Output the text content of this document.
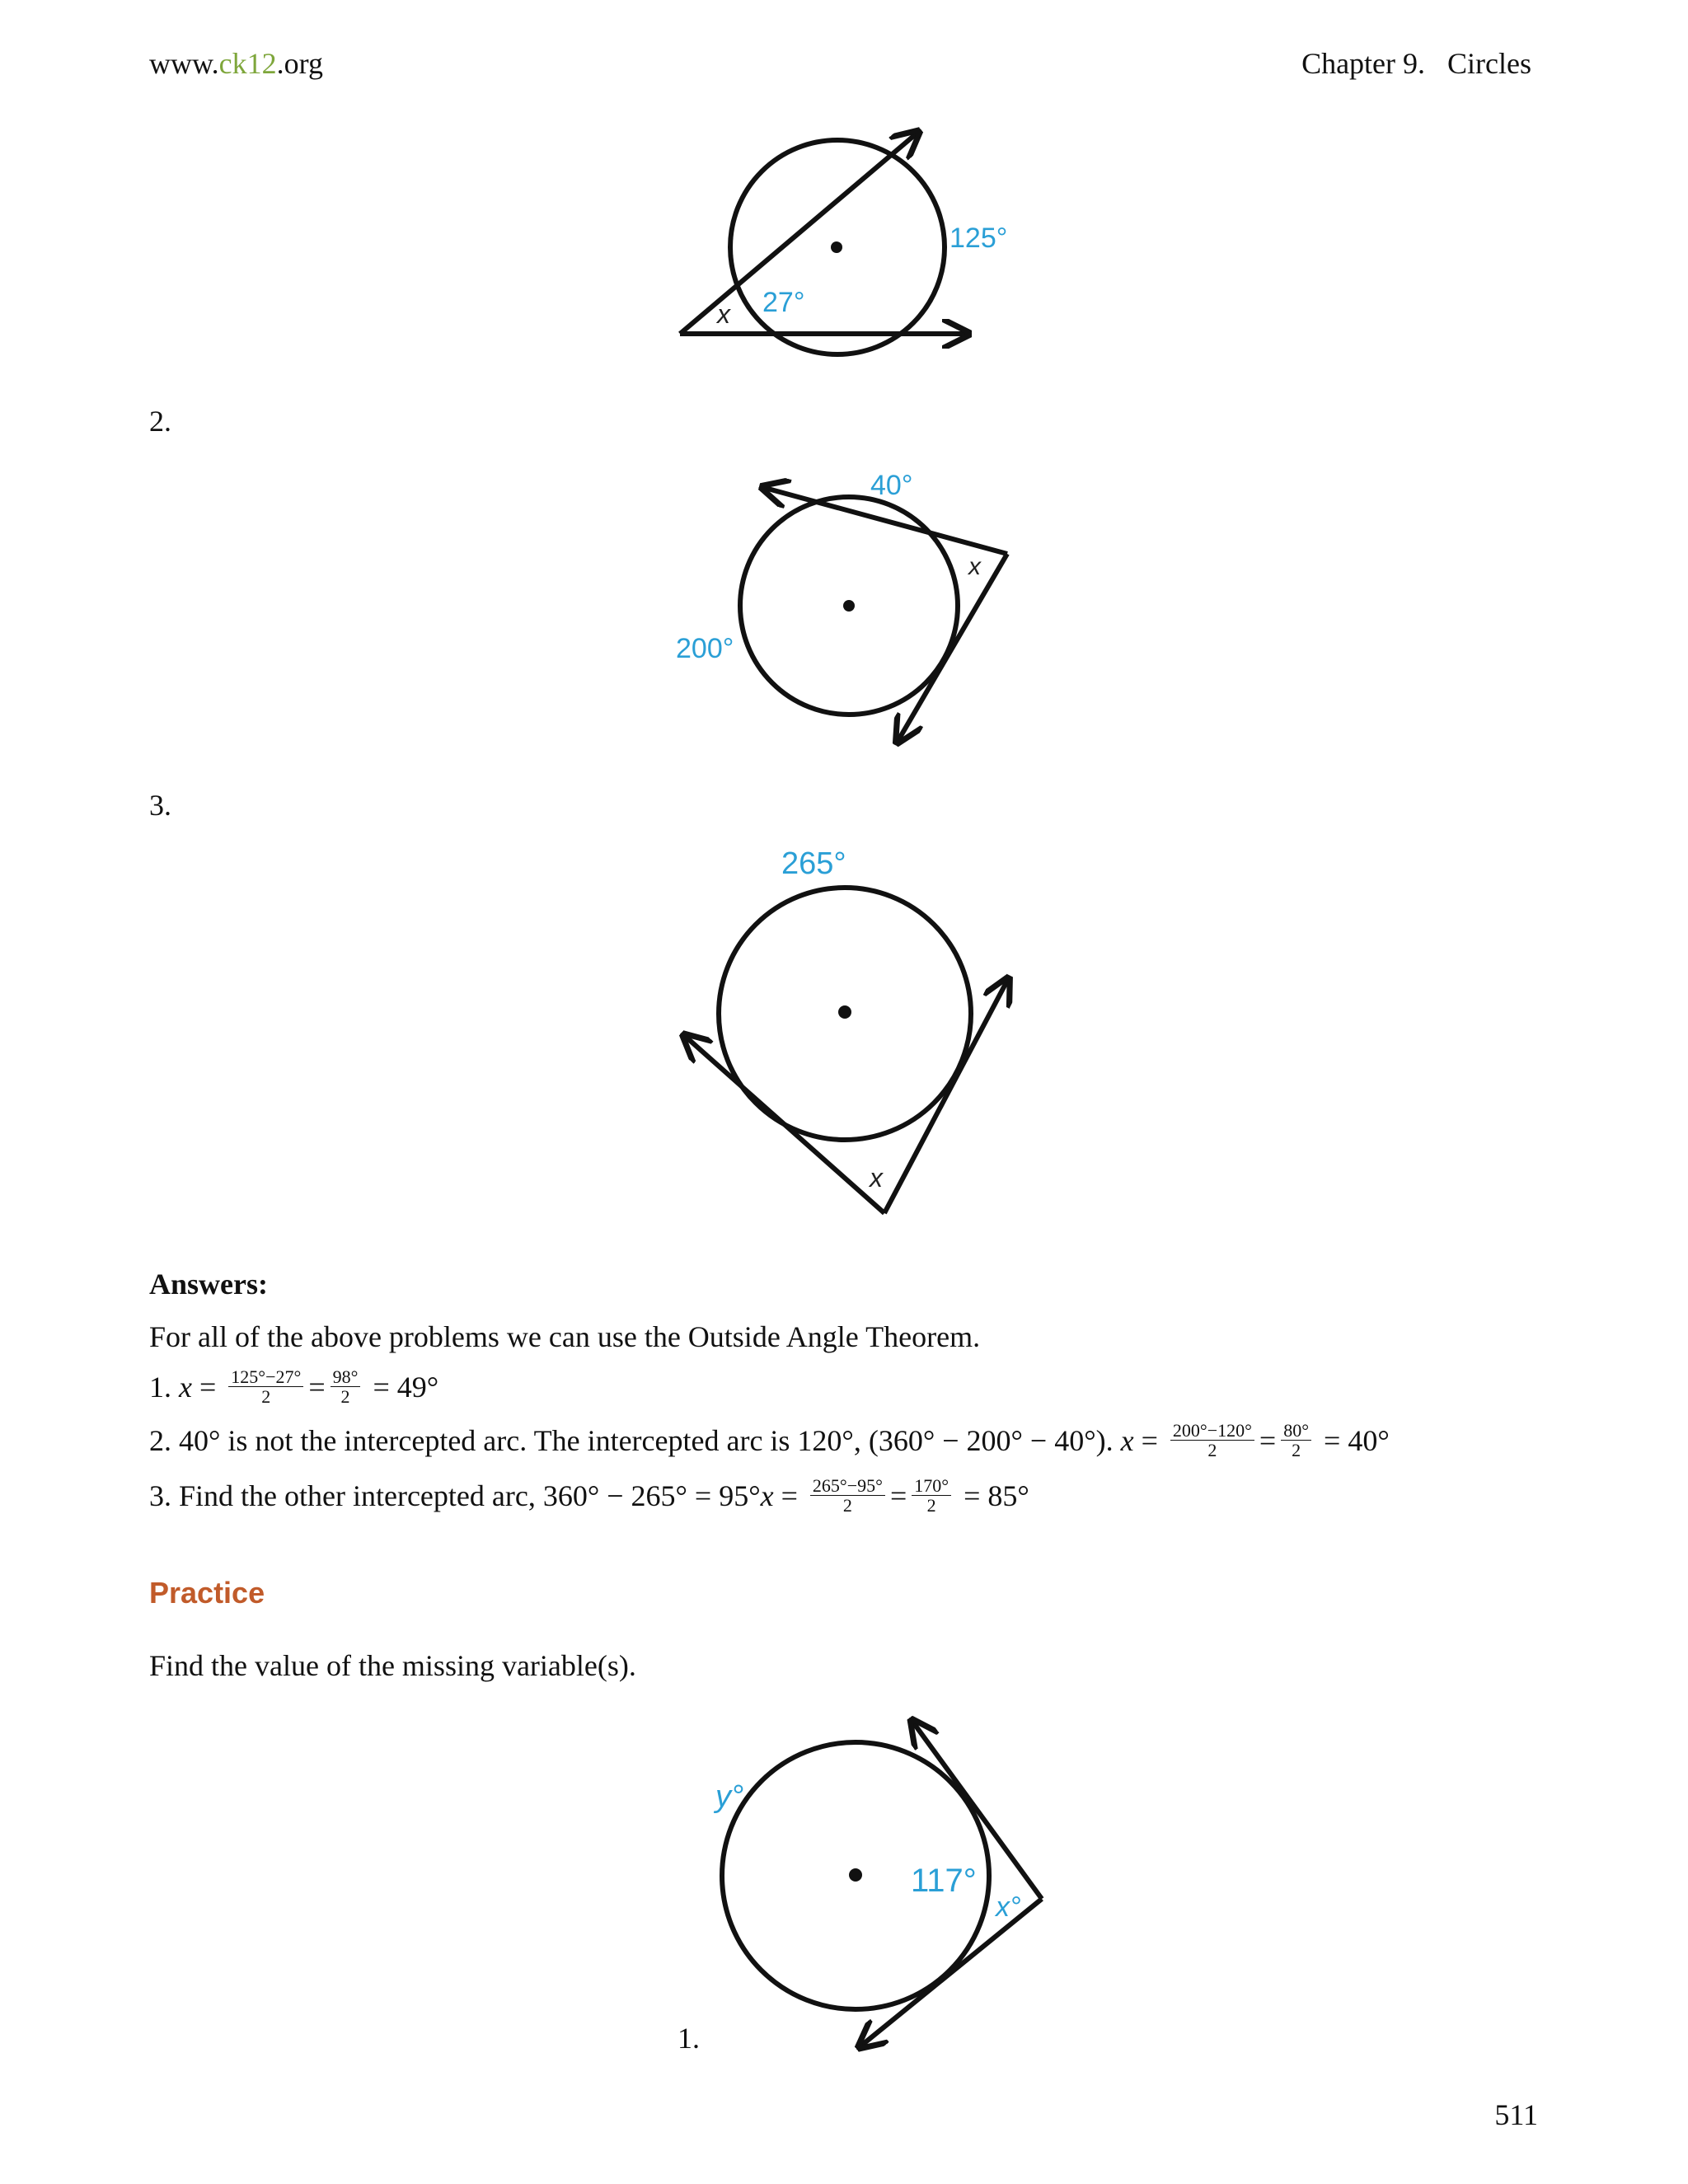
www.ck12.org	Chapter 9.   Circles
125°
27°
x
2.
40°
200°
x
3.
265°
x
Answers:
For all of the above problems we can use the Outside Angle Theorem.
1. $x = \frac{125^\circ-27^\circ}{2} = \frac{98^\circ}{2} = 49^\circ$
2. 40° is not the intercepted arc. The intercepted arc is 120°, (360° − 200° − 40°). $x = \frac{200^\circ-120^\circ}{2} = \frac{80^\circ}{2} = 40^\circ$
3. Find the other intercepted arc, $360^\circ - 265^\circ = 95^\circ x = \frac{265^\circ-95^\circ}{2} = \frac{170^\circ}{2} = 85^\circ$
Practice
Find the value of the missing variable(s).
y°
117°
x°
1.
511
